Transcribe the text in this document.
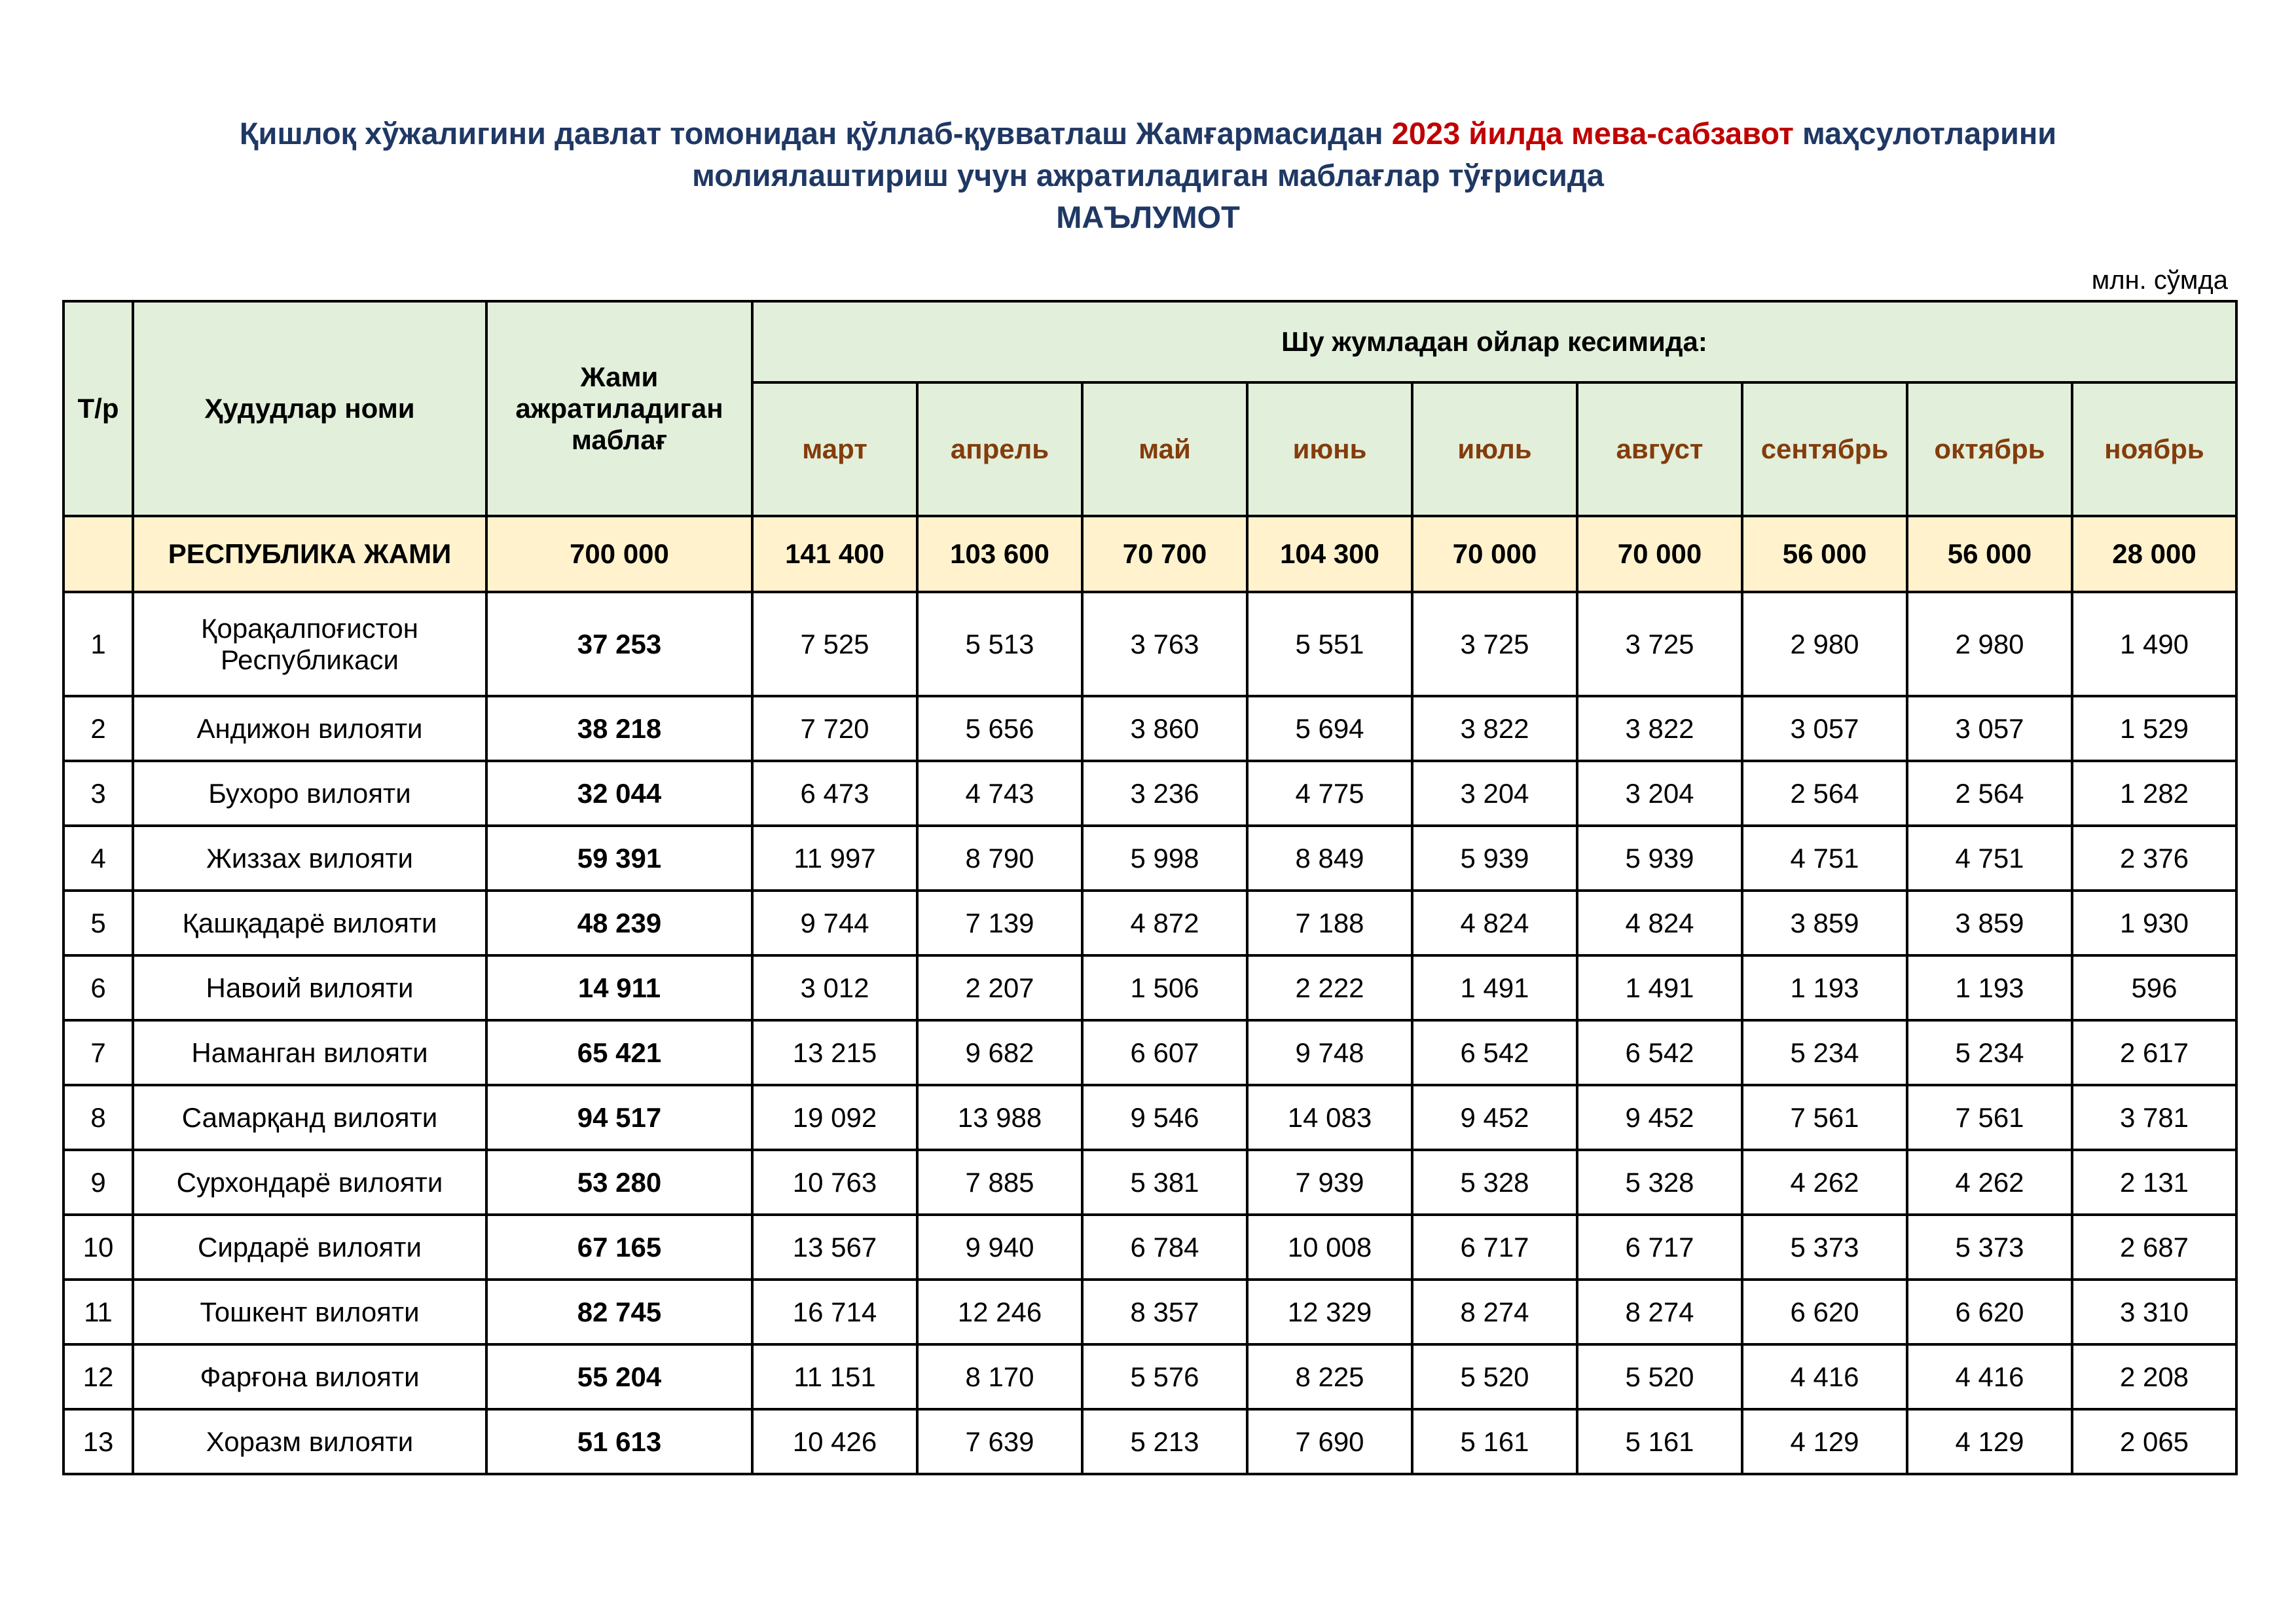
Қишлоқ хўжалигини давлат томонидан қўллаб-қувватлаш Жамғармасидан 2023 йилда мева-сабзавот маҳсулотларини
молиялаштириш учун ажратиладиган маблағлар тўғрисида
МАЪЛУМОТ
млн. сўмда
Т/р	Ҳудудлар номи	Жами ажратиладиган маблағ	Шу жумладан ойлар кесимида:								
			март	апрель	май	июнь	июль	август	сентябрь	октябрь	ноябрь
	РЕСПУБЛИКА ЖАМИ	700 000	141 400	103 600	70 700	104 300	70 000	70 000	56 000	56 000	28 000
1	Қорақалпоғистон Республикаси	37 253	7 525	5 513	3 763	5 551	3 725	3 725	2 980	2 980	1 490
2	Андижон вилояти	38 218	7 720	5 656	3 860	5 694	3 822	3 822	3 057	3 057	1 529
3	Бухоро вилояти	32 044	6 473	4 743	3 236	4 775	3 204	3 204	2 564	2 564	1 282
4	Жиззах вилояти	59 391	11 997	8 790	5 998	8 849	5 939	5 939	4 751	4 751	2 376
5	Қашқадарё вилояти	48 239	9 744	7 139	4 872	7 188	4 824	4 824	3 859	3 859	1 930
6	Навоий вилояти	14 911	3 012	2 207	1 506	2 222	1 491	1 491	1 193	1 193	596
7	Наманган вилояти	65 421	13 215	9 682	6 607	9 748	6 542	6 542	5 234	5 234	2 617
8	Самарқанд вилояти	94 517	19 092	13 988	9 546	14 083	9 452	9 452	7 561	7 561	3 781
9	Сурхондарё вилояти	53 280	10 763	7 885	5 381	7 939	5 328	5 328	4 262	4 262	2 131
10	Сирдарё вилояти	67 165	13 567	9 940	6 784	10 008	6 717	6 717	5 373	5 373	2 687
11	Тошкент вилояти	82 745	16 714	12 246	8 357	12 329	8 274	8 274	6 620	6 620	3 310
12	Фарғона вилояти	55 204	11 151	8 170	5 576	8 225	5 520	5 520	4 416	4 416	2 208
13	Хоразм вилояти	51 613	10 426	7 639	5 213	7 690	5 161	5 161	4 129	4 129	2 065
